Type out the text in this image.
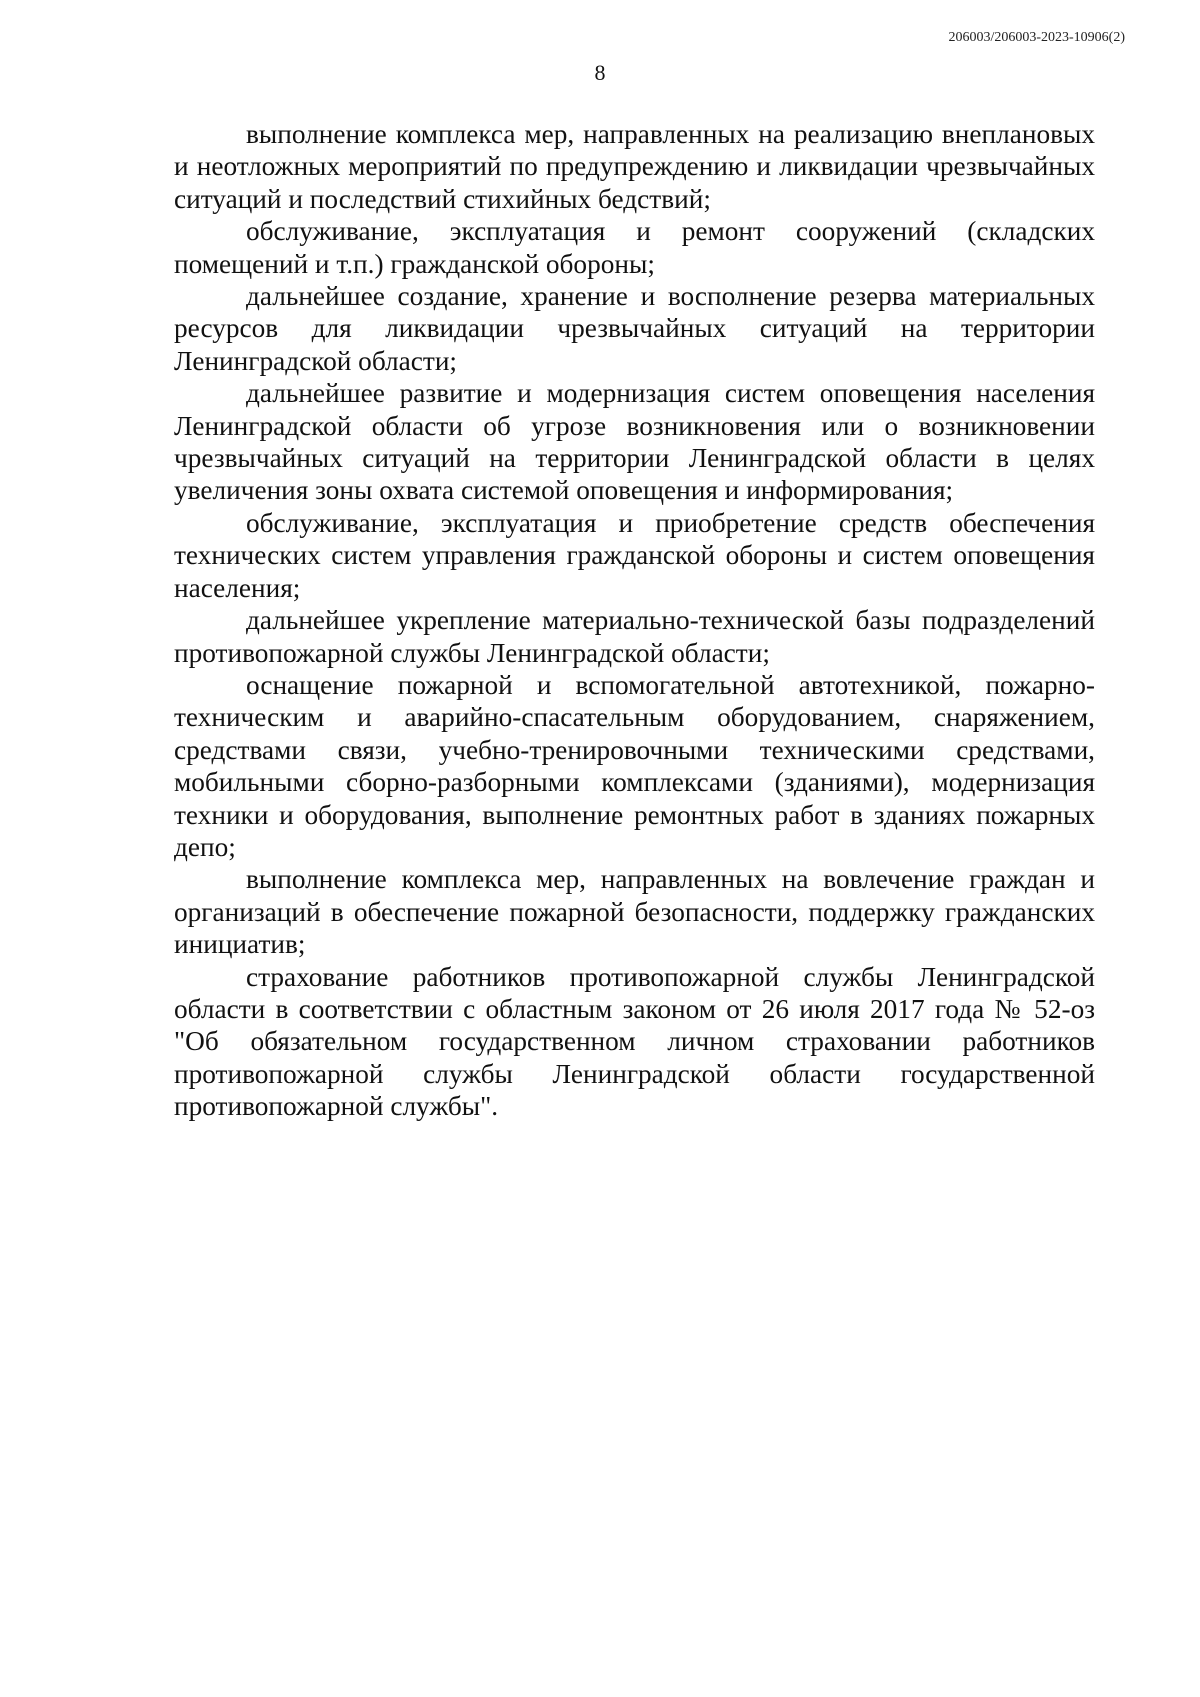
206003/206003-2023-10906(2)
8

выполнение комплекса мер, направленных на реализацию внеплановых и неотложных мероприятий по предупреждению и ликвидации чрезвычайных ситуаций и последствий стихийных бедствий;

обслуживание, эксплуатация и ремонт сооружений (складских помещений и т.п.) гражданской обороны;

дальнейшее создание, хранение и восполнение резерва материальных ресурсов для ликвидации чрезвычайных ситуаций на территории Ленинградской области;

дальнейшее развитие и модернизация систем оповещения населения Ленинградской области об угрозе возникновения или о возникновении чрезвычайных ситуаций на территории Ленинградской области в целях увеличения зоны охвата системой оповещения и информирования;

обслуживание, эксплуатация и приобретение средств обеспечения технических систем управления гражданской обороны и систем оповещения населения;

дальнейшее укрепление материально-технической базы подразделений противопожарной службы Ленинградской области;

оснащение пожарной и вспомогательной автотехникой, пожарно-техническим и аварийно-спасательным оборудованием, снаряжением, средствами связи, учебно-тренировочными техническими средствами, мобильными сборно-разборными комплексами (зданиями), модернизация техники и оборудования, выполнение ремонтных работ в зданиях пожарных депо;

выполнение комплекса мер, направленных на вовлечение граждан и организаций в обеспечение пожарной безопасности, поддержку гражданских инициатив;

страхование работников противопожарной службы Ленинградской области в соответствии с областным законом от 26 июля 2017 года № 52-оз "Об обязательном государственном личном страховании работников противопожарной службы Ленинградской области государственной противопожарной службы".
